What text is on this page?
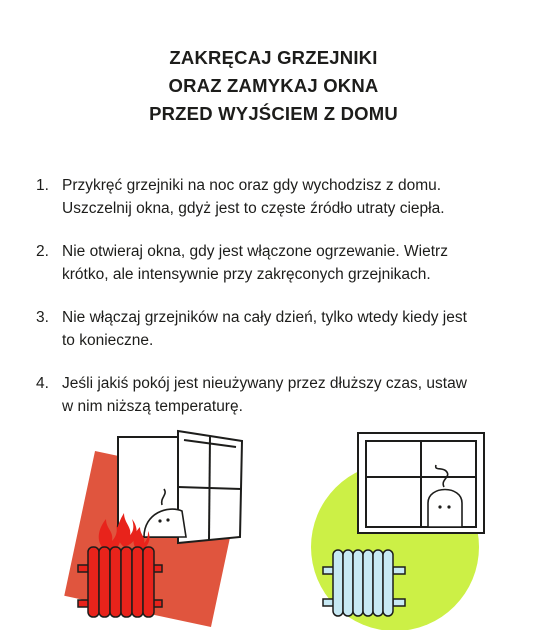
ZAKRĘCAJ GRZEJNIKI
ORAZ ZAMYKAJ OKNA
PRZED WYJŚCIEM Z DOMU
1. Przykręć grzejniki na noc oraz gdy wychodzisz z domu.
Uszczelnij okna, gdyż jest to częste źródło utraty ciepła.
2. Nie otwieraj okna, gdy jest włączone ogrzewanie. Wietrz
krótko, ale intensywnie przy zakręconych grzejnikach.
3. Nie włączaj grzejników na cały dzień, tylko wtedy kiedy jest
to konieczne.
4. Jeśli jakiś pokój jest nieużywany przez dłuższy czas, ustaw
w nim niższą temperaturę.
